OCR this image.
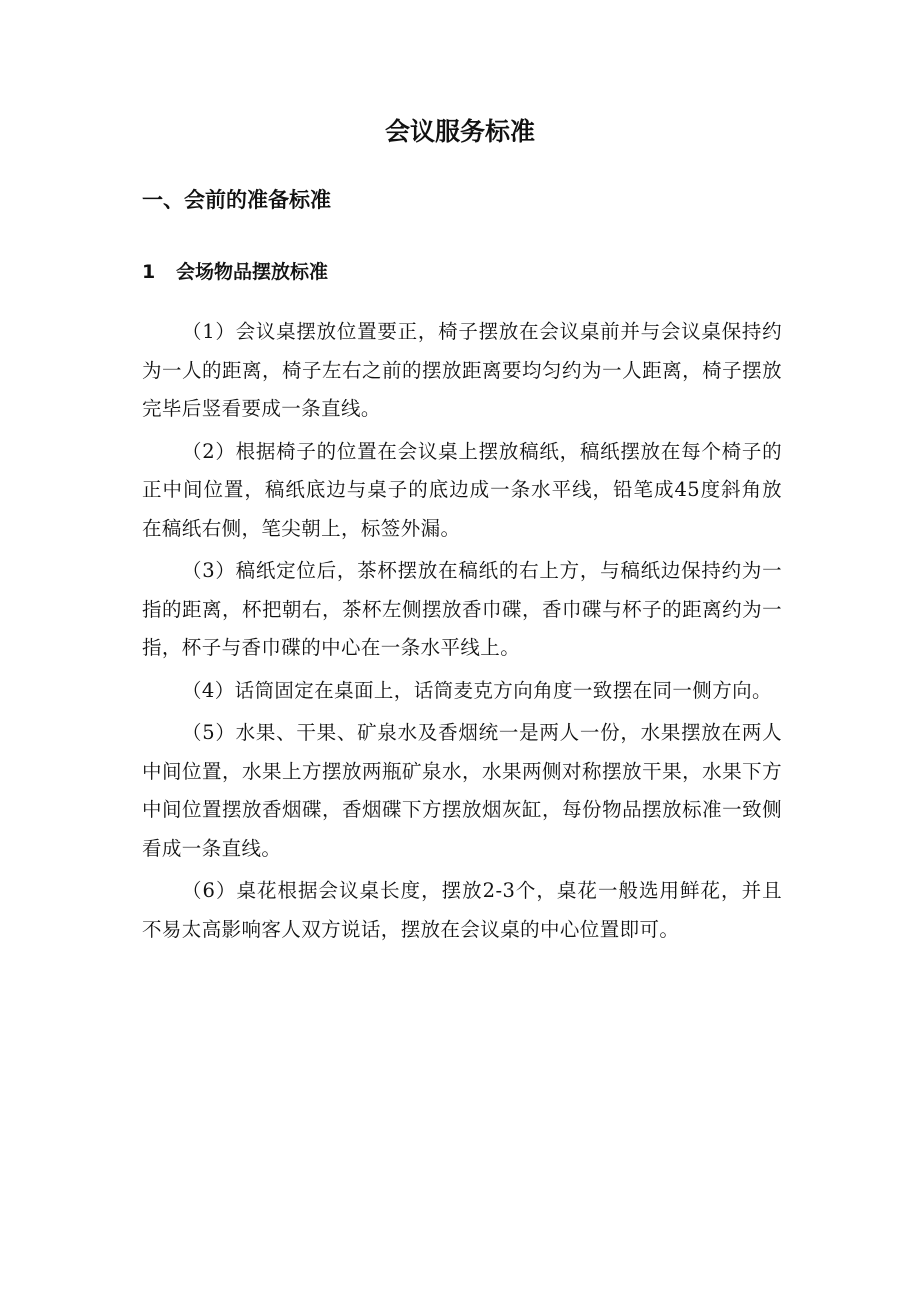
会议服务标准
一、会前的准备标准
1 会场物品摆放标准

（1）会议桌摆放位置要正，椅子摆放在会议桌前并与会议桌保持约为一人的距离，椅子左右之前的摆放距离要均匀约为一人距离，椅子摆放完毕后竖看要成一条直线。

（2）根据椅子的位置在会议桌上摆放稿纸，稿纸摆放在每个椅子的正中间位置，稿纸底边与桌子的底边成一条水平线，铅笔成45度斜角放在稿纸右侧，笔尖朝上，标签外漏。

（3）稿纸定位后，茶杯摆放在稿纸的右上方，与稿纸边保持约为一指的距离，杯把朝右，茶杯左侧摆放香巾碟，香巾碟与杯子的距离约为一指，杯子与香巾碟的中心在一条水平线上。

（4）话筒固定在桌面上，话筒麦克方向角度一致摆在同一侧方向。

（5）水果、干果、矿泉水及香烟统一是两人一份，水果摆放在两人中间位置，水果上方摆放两瓶矿泉水，水果两侧对称摆放干果，水果下方中间位置摆放香烟碟，香烟碟下方摆放烟灰缸，每份物品摆放标准一致侧看成一条直线。

（6）桌花根据会议桌长度，摆放2-3个，桌花一般选用鲜花，并且不易太高影响客人双方说话，摆放在会议桌的中心位置即可。
